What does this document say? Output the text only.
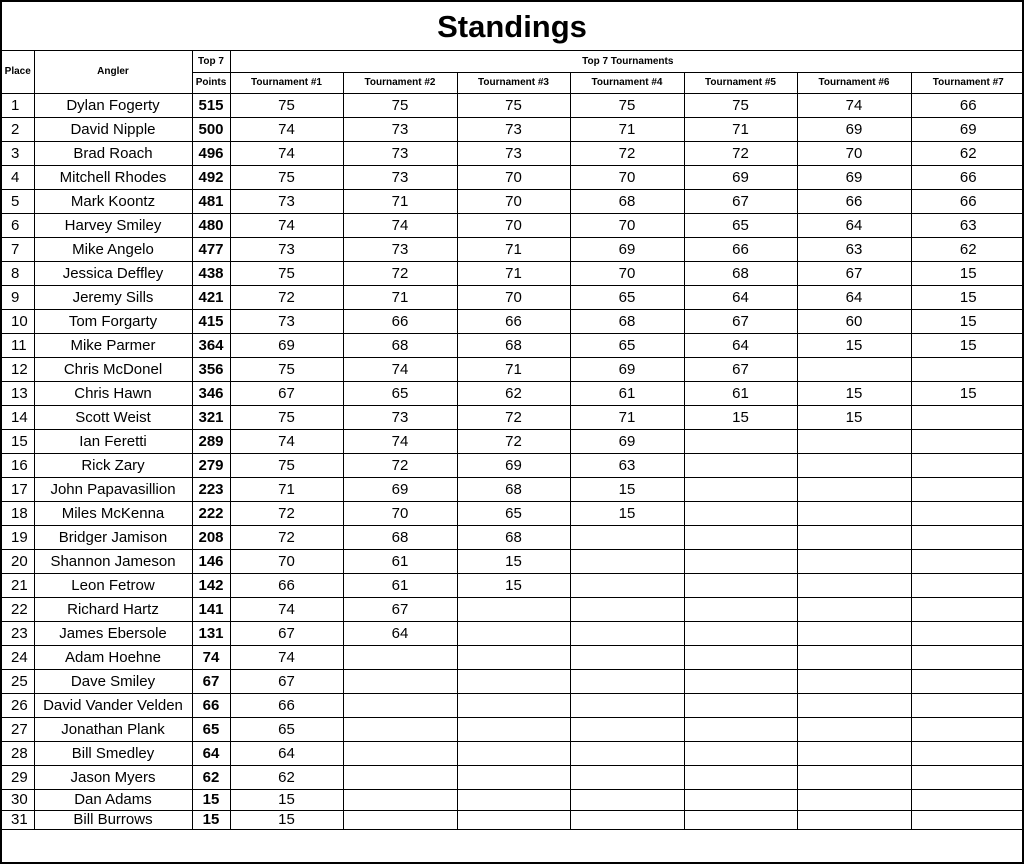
Standings
Place	Angler	Top 7	Top 7 Tournaments						
		Points	Tournament #1	Tournament #2	Tournament #3	Tournament #4	Tournament #5	Tournament #6	Tournament #7
1	Dylan Fogerty	515	75	75	75	75	75	74	66
2	David Nipple	500	74	73	73	71	71	69	69
3	Brad Roach	496	74	73	73	72	72	70	62
4	Mitchell Rhodes	492	75	73	70	70	69	69	66
5	Mark Koontz	481	73	71	70	68	67	66	66
6	Harvey Smiley	480	74	74	70	70	65	64	63
7	Mike Angelo	477	73	73	71	69	66	63	62
8	Jessica Deffley	438	75	72	71	70	68	67	15
9	Jeremy Sills	421	72	71	70	65	64	64	15
10	Tom Forgarty	415	73	66	66	68	67	60	15
11	Mike Parmer	364	69	68	68	65	64	15	15
12	Chris McDonel	356	75	74	71	69	67		
13	Chris Hawn	346	67	65	62	61	61	15	15
14	Scott Weist	321	75	73	72	71	15	15	
15	Ian Feretti	289	74	74	72	69			
16	Rick Zary	279	75	72	69	63			
17	John Papavasillion	223	71	69	68	15			
18	Miles McKenna	222	72	70	65	15			
19	Bridger Jamison	208	72	68	68				
20	Shannon Jameson	146	70	61	15				
21	Leon Fetrow	142	66	61	15				
22	Richard Hartz	141	74	67					
23	James Ebersole	131	67	64					
24	Adam Hoehne	74	74						
25	Dave Smiley	67	67						
26	David Vander Velden	66	66						
27	Jonathan Plank	65	65						
28	Bill Smedley	64	64						
29	Jason Myers	62	62						
30	Dan Adams	15	15						
31	Bill Burrows	15	15						
